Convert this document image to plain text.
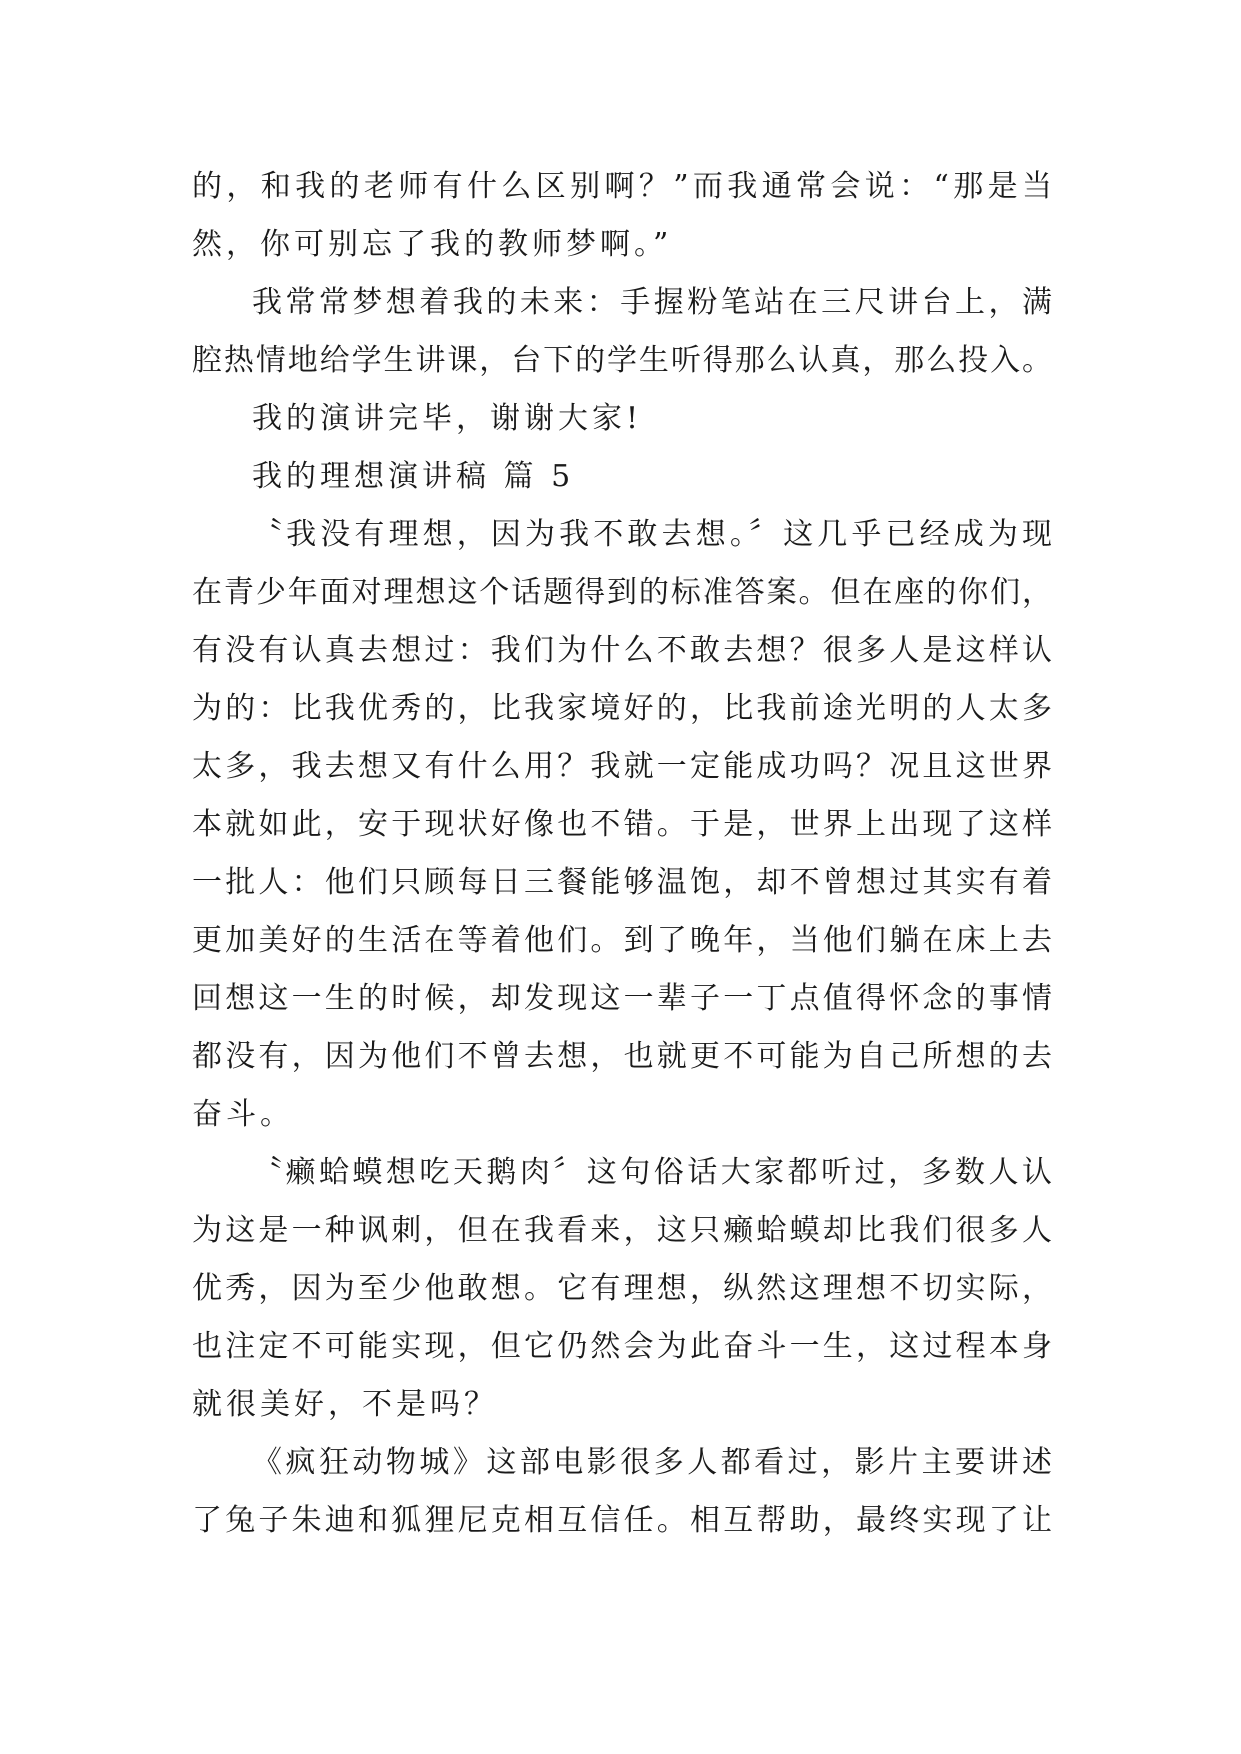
的，和我的老师有什么区别啊？”而我通常会说：“那是当
然，你可别忘了我的教师梦啊。”
我常常梦想着我的未来：手握粉笔站在三尺讲台上，满
腔热情地给学生讲课，台下的学生听得那么认真，那么投入。
我的演讲完毕，谢谢大家!
我的理想演讲稿 篇 5
〝我没有理想，因为我不敢去想。〞这几乎已经成为现
在青少年面对理想这个话题得到的标准答案。但在座的你们，
有没有认真去想过：我们为什么不敢去想？很多人是这样认
为的：比我优秀的，比我家境好的，比我前途光明的人太多
太多，我去想又有什么用？我就一定能成功吗？况且这世界
本就如此，安于现状好像也不错。于是，世界上出现了这样
一批人：他们只顾每日三餐能够温饱，却不曾想过其实有着
更加美好的生活在等着他们。到了晚年，当他们躺在床上去
回想这一生的时候，却发现这一辈子一丁点值得怀念的事情
都没有，因为他们不曾去想，也就更不可能为自己所想的去
奋斗。
〝癞蛤蟆想吃天鹅肉〞这句俗话大家都听过，多数人认
为这是一种讽刺，但在我看来，这只癞蛤蟆却比我们很多人
优秀，因为至少他敢想。它有理想，纵然这理想不切实际，
也注定不可能实现，但它仍然会为此奋斗一生，这过程本身
就很美好，不是吗？
《疯狂动物城》这部电影很多人都看过，影片主要讲述
了兔子朱迪和狐狸尼克相互信任。相互帮助，最终实现了让
